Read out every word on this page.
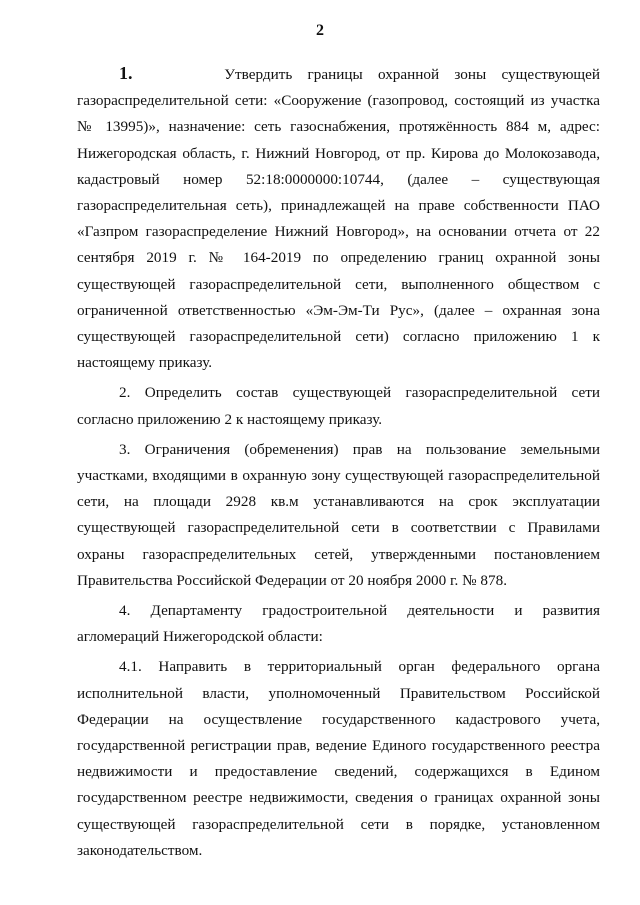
2

1.	Утвердить границы охранной зоны существующей газораспределительной сети: «Сооружение (газопровод, состоящий из участка № 13995)», назначение: сеть газоснабжения, протяжённость 884 м, адрес: Нижегородская область, г. Нижний Новгород, от пр. Кирова до Молокозавода, кадастровый номер 52:18:0000000:10744, (далее – существующая газораспределительная сеть), принадлежащей на праве собственности ПАО «Газпром газораспределение Нижний Новгород», на основании отчета от 22 сентября 2019 г. № 164-2019 по определению границ охранной зоны существующей газораспределительной сети, выполненного обществом с ограниченной ответственностью «Эм-Эм-Ти Рус», (далее – охранная зона существующей газораспределительной сети) согласно приложению 1 к настоящему приказу.

2. Определить состав существующей газораспределительной сети согласно приложению 2 к настоящему приказу.

3. Ограничения (обременения) прав на пользование земельными участками, входящими в охранную зону существующей газораспределительной сети, на площади 2928 кв.м устанавливаются на срок эксплуатации существующей газораспределительной сети в соответствии с Правилами охраны газораспределительных сетей, утвержденными постановлением Правительства Российской Федерации от 20 ноября 2000 г. № 878.

4. Департаменту градостроительной деятельности и развития агломераций Нижегородской области:

4.1. Направить в территориальный орган федерального органа исполнительной власти, уполномоченный Правительством Российской Федерации на осуществление государственного кадастрового учета, государственной регистрации прав, ведение Единого государственного реестра недвижимости и предоставление сведений, содержащихся в Едином государственном реестре недвижимости, сведения о границах охранной зоны существующей газораспределительной сети в порядке, установленном законодательством.
